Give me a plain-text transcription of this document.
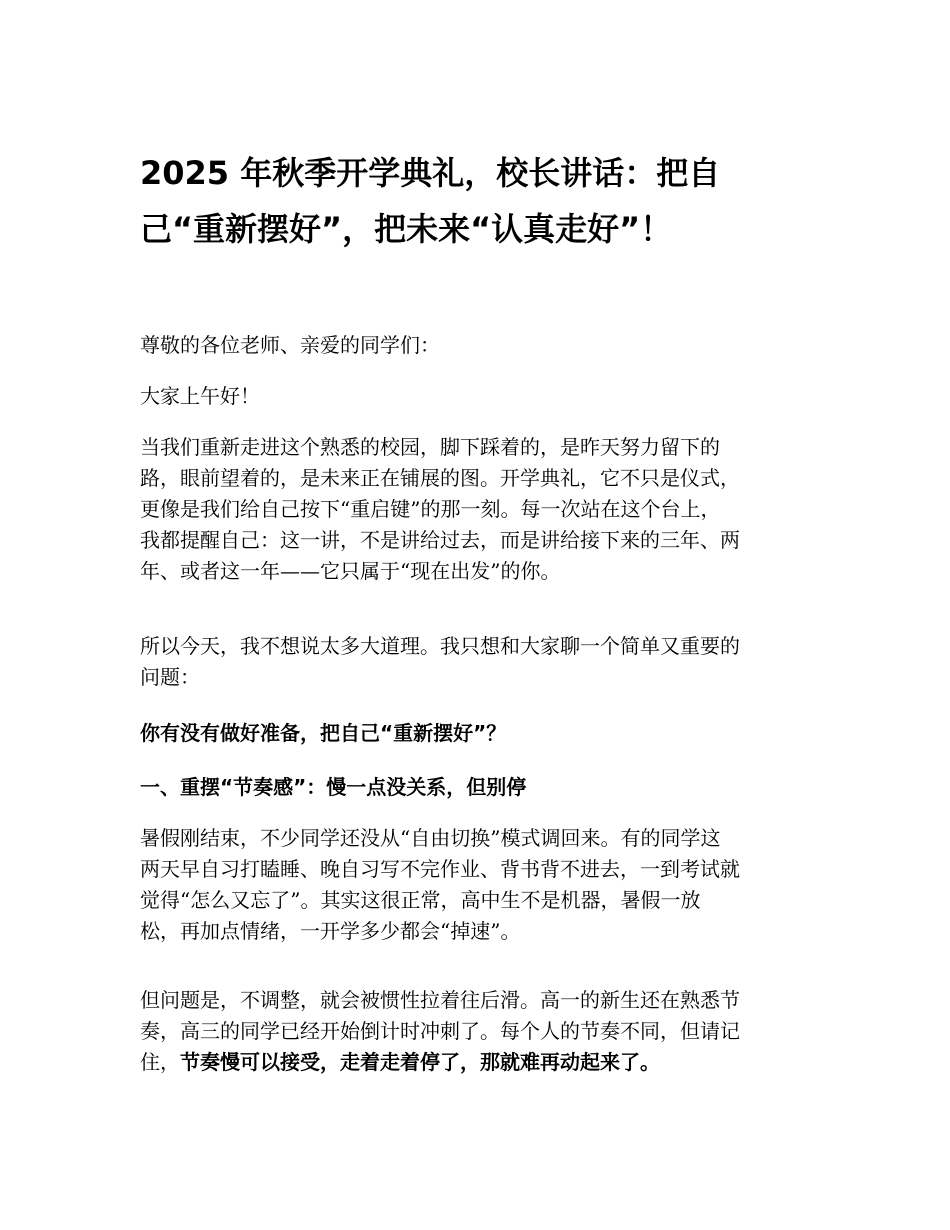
2025 年秋季开学典礼，校长讲话：把自
己“重新摆好”，把未来“认真走好”！

尊敬的各位老师、亲爱的同学们：

大家上午好！

当我们重新走进这个熟悉的校园，脚下踩着的，是昨天努力留下的
路，眼前望着的，是未来正在铺展的图。开学典礼，它不只是仪式，
更像是我们给自己按下“重启键”的那一刻。每一次站在这个台上，
我都提醒自己：这一讲，不是讲给过去，而是讲给接下来的三年、两
年、或者这一年——它只属于“现在出发”的你。

所以今天，我不想说太多大道理。我只想和大家聊一个简单又重要的
问题：

你有没有做好准备，把自己“重新摆好”？

一、重摆“节奏感”：慢一点没关系，但别停

暑假刚结束，不少同学还没从“自由切换”模式调回来。有的同学这
两天早自习打瞌睡、晚自习写不完作业、背书背不进去，一到考试就
觉得“怎么又忘了”。其实这很正常，高中生不是机器，暑假一放
松，再加点情绪，一开学多少都会“掉速”。

但问题是，不调整，就会被惯性拉着往后滑。高一的新生还在熟悉节
奏，高三的同学已经开始倒计时冲刺了。每个人的节奏不同，但请记
住，节奏慢可以接受，走着走着停了，那就难再动起来了。
